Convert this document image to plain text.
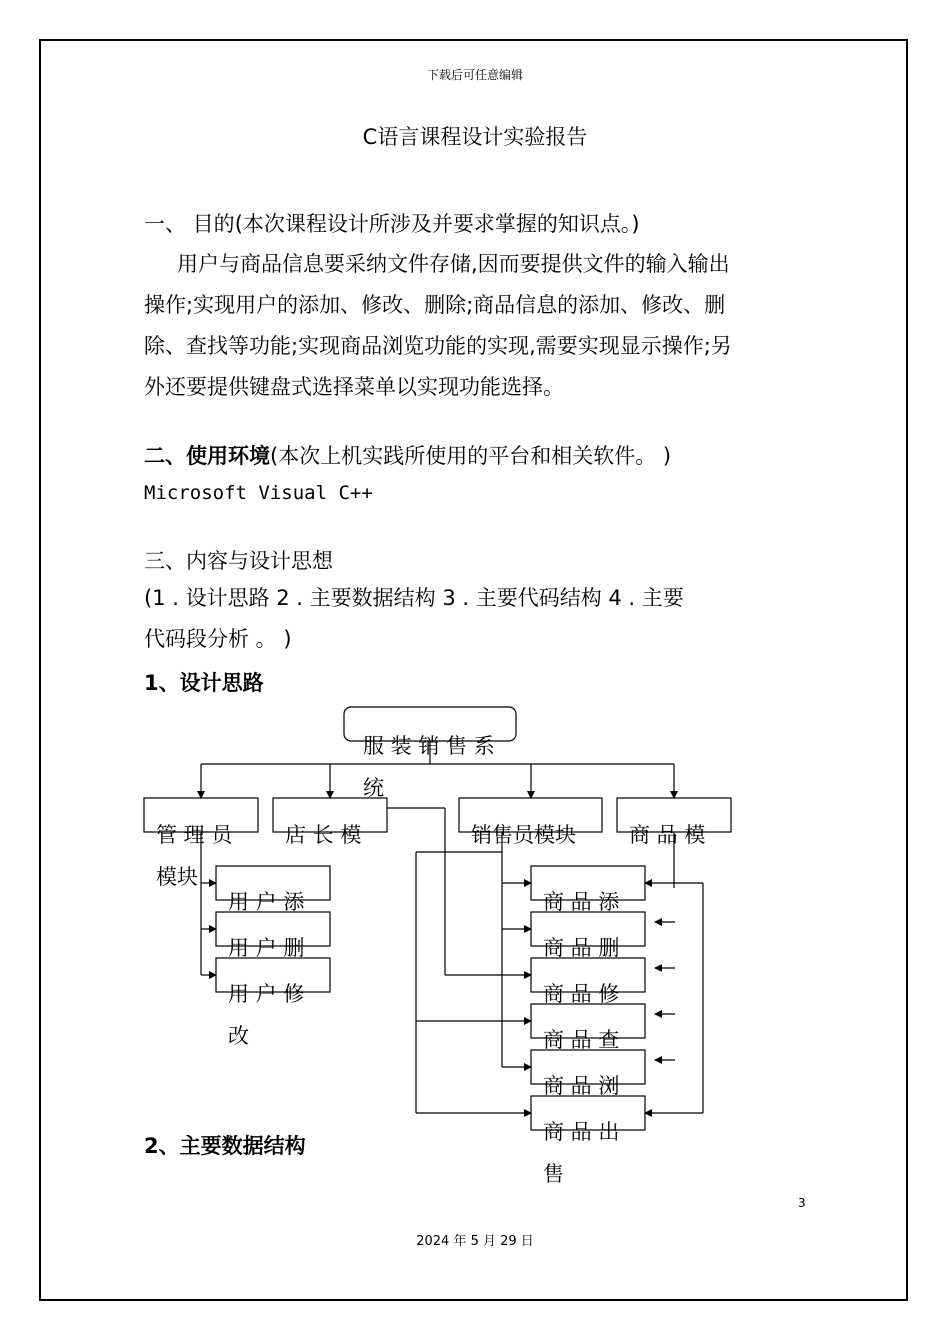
下载后可任意编辑
C语言课程设计实验报告
一、 目的(本次课程设计所涉及并要求掌握的知识点。)
用户与商品信息要采纳文件存储,因而要提供文件的输入输出
操作;实现用户的添加、修改、删除;商品信息的添加、修改、删
除、查找等功能;实现商品浏览功能的实现,需要实现显示操作;另
外还要提供键盘式选择菜单以实现功能选择。
二、使用环境(本次上机实践所使用的平台和相关软件。 )
Microsoft Visual C++
三、内容与设计思想
(1 . 设计思路 2 . 主要数据结构 3 . 主要代码结构 4 . 主要
代码段分析 。 )
1、设计思路
服 装 销 售 系
统
管 理 员
模块
店 长 模	销售员模块	商 品 模
用 户 添
用 户 删
用 户 修
改
商 品 添
商 品 删
商 品 修
商 品 查
商 品 浏
商 品 出
售
2、主要数据结构
3
2024 年 5 月 29 日
